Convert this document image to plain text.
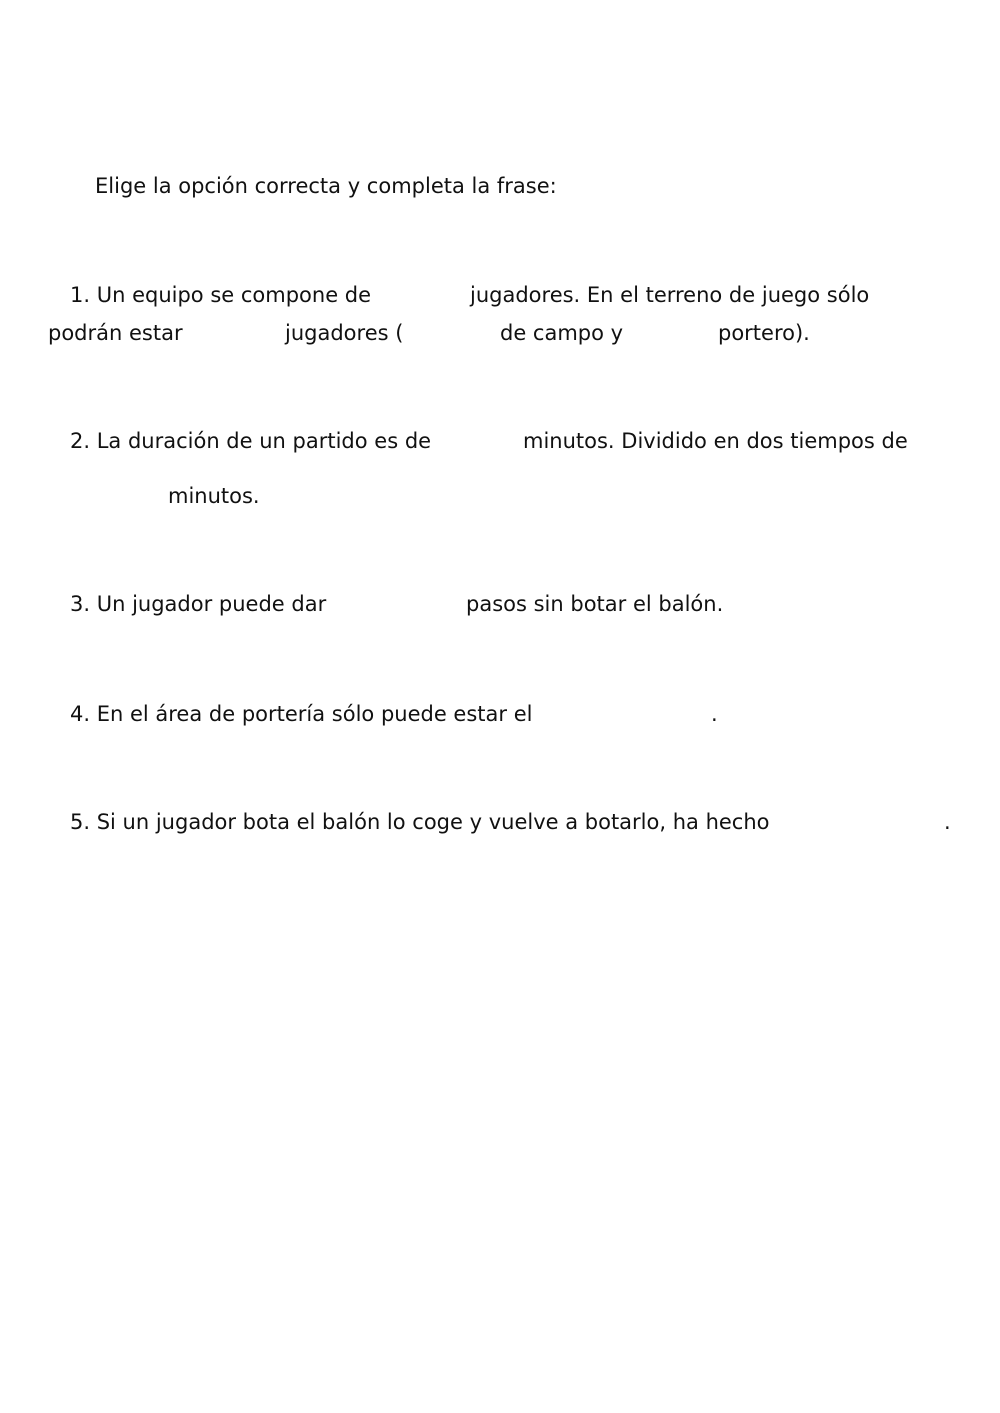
Elige la opción correcta y completa la frase:

1. Un equipo se compone de	jugadores. En el terreno de juego sólo
podrán estar	jugadores (	de campo y	portero).
2. La duración de un partido es de	minutos. Dividido en dos tiempos de
minutos.
3. Un jugador puede dar	pasos sin botar el balón.
4. En el área de portería sólo puede estar el	.
5. Si un jugador bota el balón lo coge y vuelve a botarlo, ha hecho	.
